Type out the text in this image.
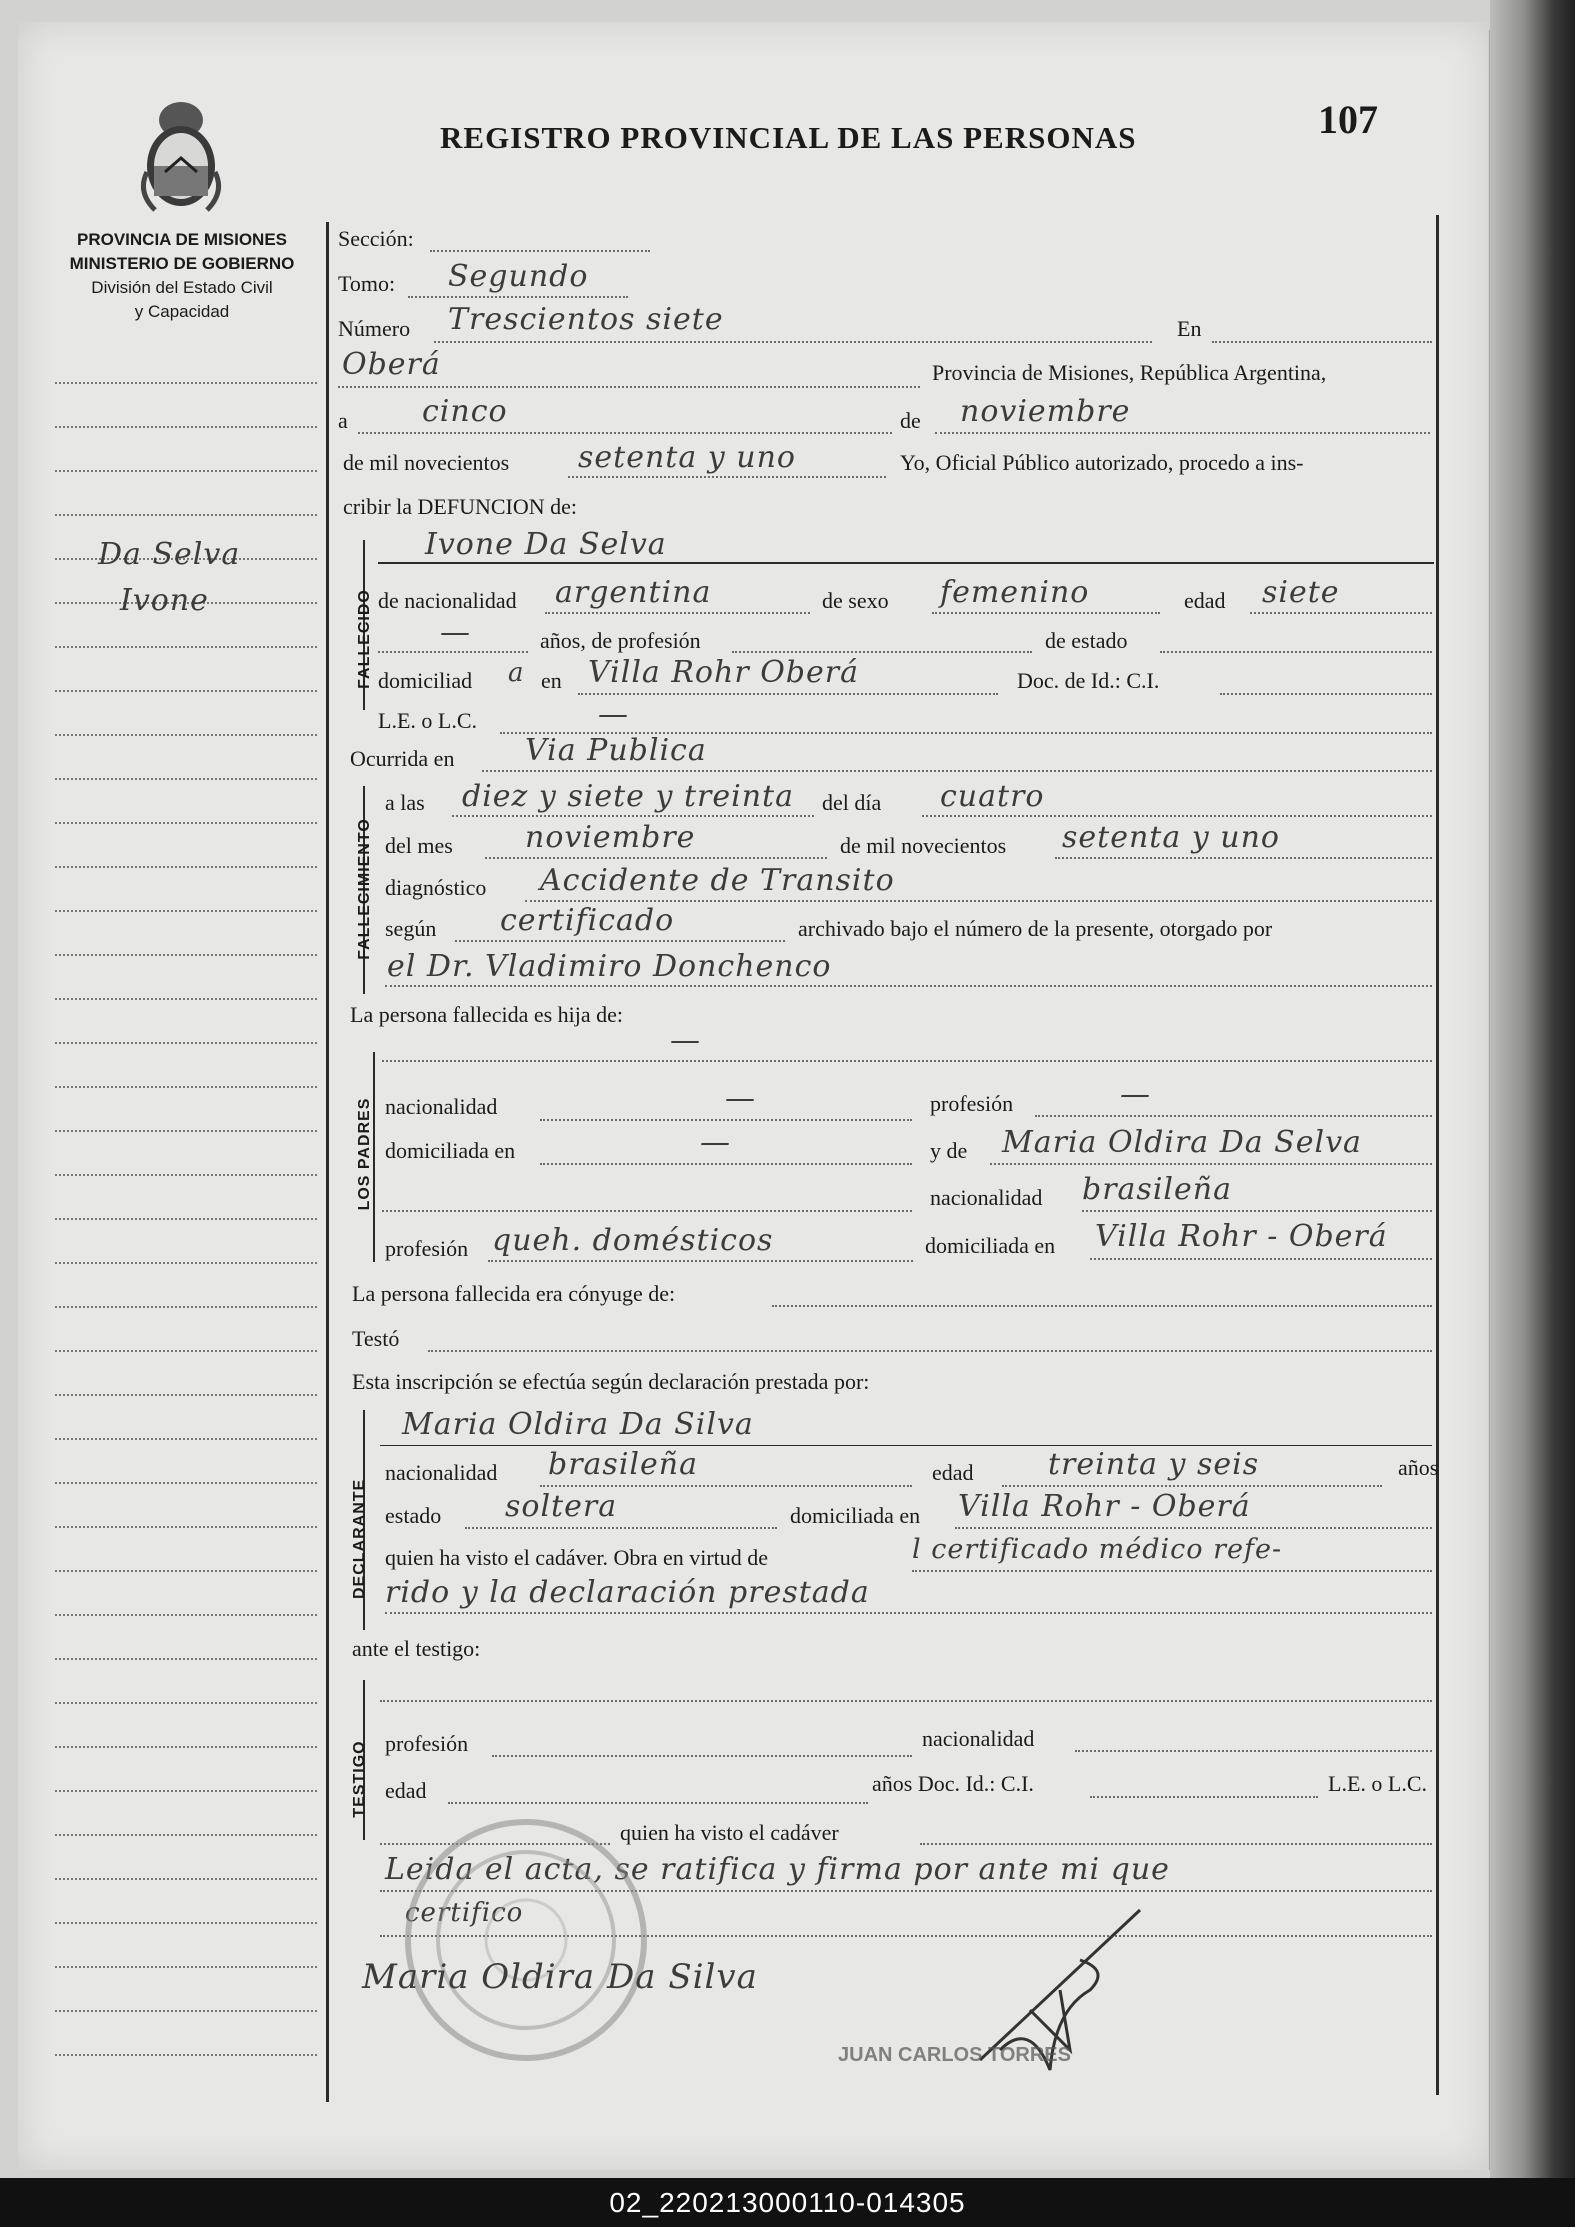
REGISTRO PROVINCIAL DE LAS PERSONAS	107
PROVINCIA DE MISIONES
MINISTERIO DE GOBIERNO
División del Estado Civil
y Capacidad
Da Selva
Ivone
Sección:
Tomo: Segundo
Número Trescientos siete	En
Oberá	Provincia de Misiones, República Argentina,
a cinco	de noviembre
de mil novecientos setenta y uno	Yo, Oficial Público autorizado, procedo a ins-
cribir la DEFUNCION de:
FALLECIDO
Ivone Da Selva
de nacionalidad argentina	de sexo femenino	edad siete
—	años, de profesión	de estado
domiciliad a en Villa Rohr Oberá	Doc. de Id.: C.I.
L.E. o L.C.	—
Ocurrida en Via Publica
FALLECIMIENTO
a las diez y siete y treinta del día cuatro
del mes noviembre	de mil novecientos setenta y uno
diagnóstico Accidente de Transito
según certificado	archivado bajo el número de la presente, otorgado por
el Dr. Vladimiro Donchenco
La persona fallecida es hija de:
LOS PADRES
—
nacionalidad	—	profesión	—
domiciliada en	—	y de Maria Oldira Da Selva
nacionalidad brasileña
profesión queh. domésticos	domiciliada en Villa Rohr - Oberá
La persona fallecida era cónyuge de:
Testó
Esta inscripción se efectúa según declaración prestada por:
DECLARANTE
Maria Oldira Da Silva
nacionalidad brasileña	edad treinta y seis	años
estado soltera	domiciliada en Villa Rohr - Oberá
quien ha visto el cadáver. Obra en virtud de	l certificado médico refe-
rido y la declaración prestada
ante el testigo:
TESTIGO profesión	nacionalidad
edad	años Doc. Id.: C.I.	L.E. o L.C.
quien ha visto el cadáver
Leida el acta, se ratifica y firma por ante mi que
certifico
Maria Oldira Da Silva
JUAN CARLOS TORRES
02_220213000110-014305
